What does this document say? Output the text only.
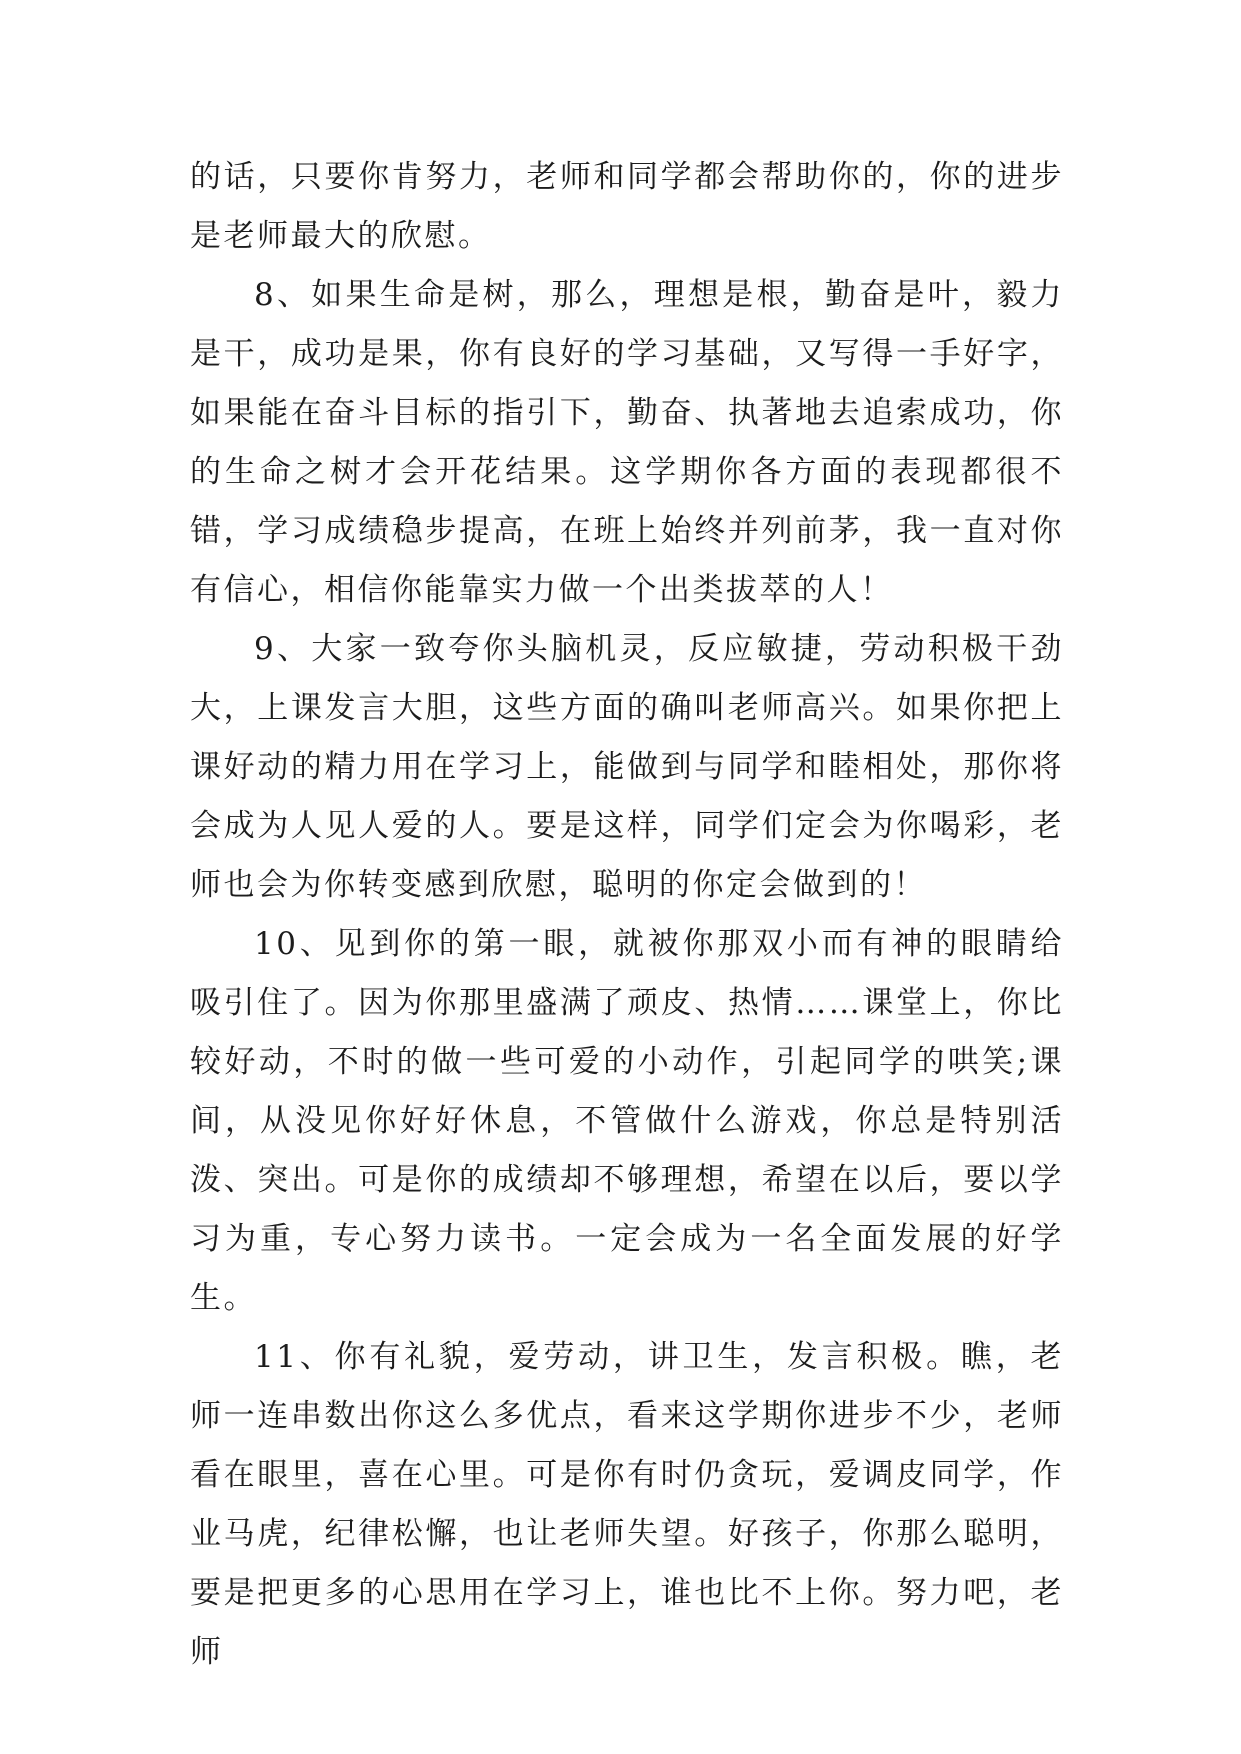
的话，只要你肯努力，老师和同学都会帮助你的，你的进步是老师最大的欣慰。

8、如果生命是树，那么，理想是根，勤奋是叶，毅力是干，成功是果，你有良好的学习基础，又写得一手好字，如果能在奋斗目标的指引下，勤奋、执著地去追索成功，你的生命之树才会开花结果。这学期你各方面的表现都很不错，学习成绩稳步提高，在班上始终并列前茅，我一直对你有信心，相信你能靠实力做一个出类拔萃的人！

9、大家一致夸你头脑机灵，反应敏捷，劳动积极干劲大，上课发言大胆，这些方面的确叫老师高兴。如果你把上课好动的精力用在学习上，能做到与同学和睦相处，那你将会成为人见人爱的人。要是这样，同学们定会为你喝彩，老师也会为你转变感到欣慰，聪明的你定会做到的！

10、见到你的第一眼，就被你那双小而有神的眼睛给吸引住了。因为你那里盛满了顽皮、热情……课堂上，你比较好动，不时的做一些可爱的小动作，引起同学的哄笑;课间，从没见你好好休息，不管做什么游戏，你总是特别活泼、突出。可是你的成绩却不够理想，希望在以后，要以学习为重，专心努力读书。一定会成为一名全面发展的好学生。

11、你有礼貌，爱劳动，讲卫生，发言积极。瞧，老师一连串数出你这么多优点，看来这学期你进步不少，老师看在眼里，喜在心里。可是你有时仍贪玩，爱调皮同学，作业马虎，纪律松懈，也让老师失望。好孩子，你那么聪明，要是把更多的心思用在学习上，谁也比不上你。努力吧，老师
